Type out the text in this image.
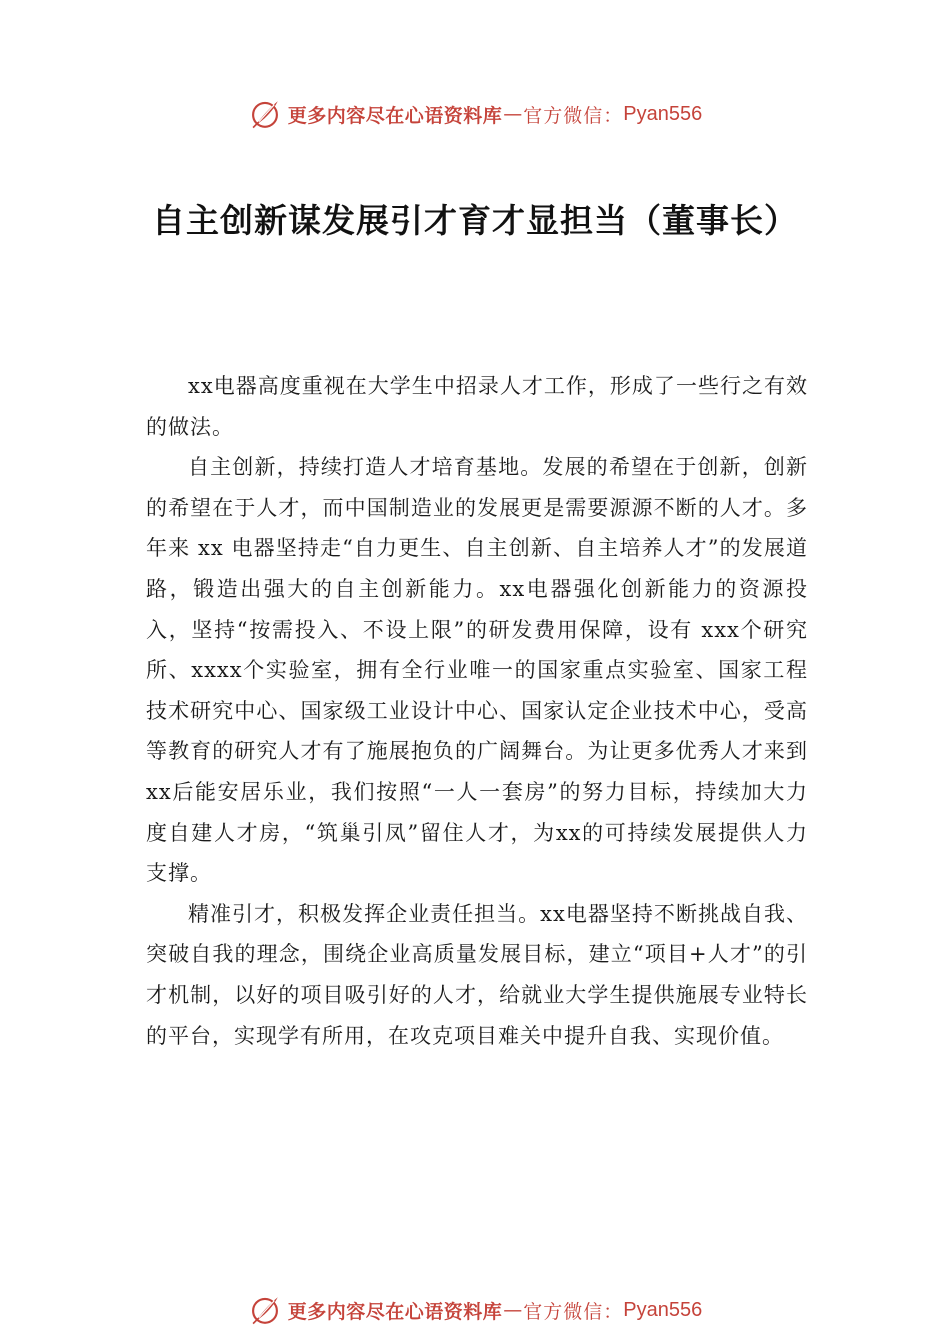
更多内容尽在心语资料库 — 官方微信： Pyan556
自主创新谋发展引才育才显担当（董事长）

xx电器高度重视在大学生中招录人才工作，形成了一些行之有效的做法。

自主创新，持续打造人才培育基地。发展的希望在于创新，创新的希望在于人才，而中国制造业的发展更是需要源源不断的人才。多年来 xx 电器坚持走“自力更生、自主创新、自主培养人才”的发展道路，锻造出强大的自主创新能力。xx电器强化创新能力的资源投入，坚持“按需投入、不设上限”的研发费用保障，设有 xxx个研究所、xxxx个实验室，拥有全行业唯一的国家重点实验室、国家工程技术研究中心、国家级工业设计中心、国家认定企业技术中心，受高等教育的研究人才有了施展抱负的广阔舞台。为让更多优秀人才来到xx后能安居乐业，我们按照“一人一套房”的努力目标，持续加大力度自建人才房，“筑巢引凤”留住人才，为xx的可持续发展提供人力支撑。

精准引才，积极发挥企业责任担当。xx电器坚持不断挑战自我、突破自我的理念，围绕企业高质量发展目标，建立“项目+人才”的引才机制，以好的项目吸引好的人才，给就业大学生提供施展专业特长的平台，实现学有所用，在攻克项目难关中提升自我、实现价值。

更多内容尽在心语资料库 — 官方微信： Pyan556
